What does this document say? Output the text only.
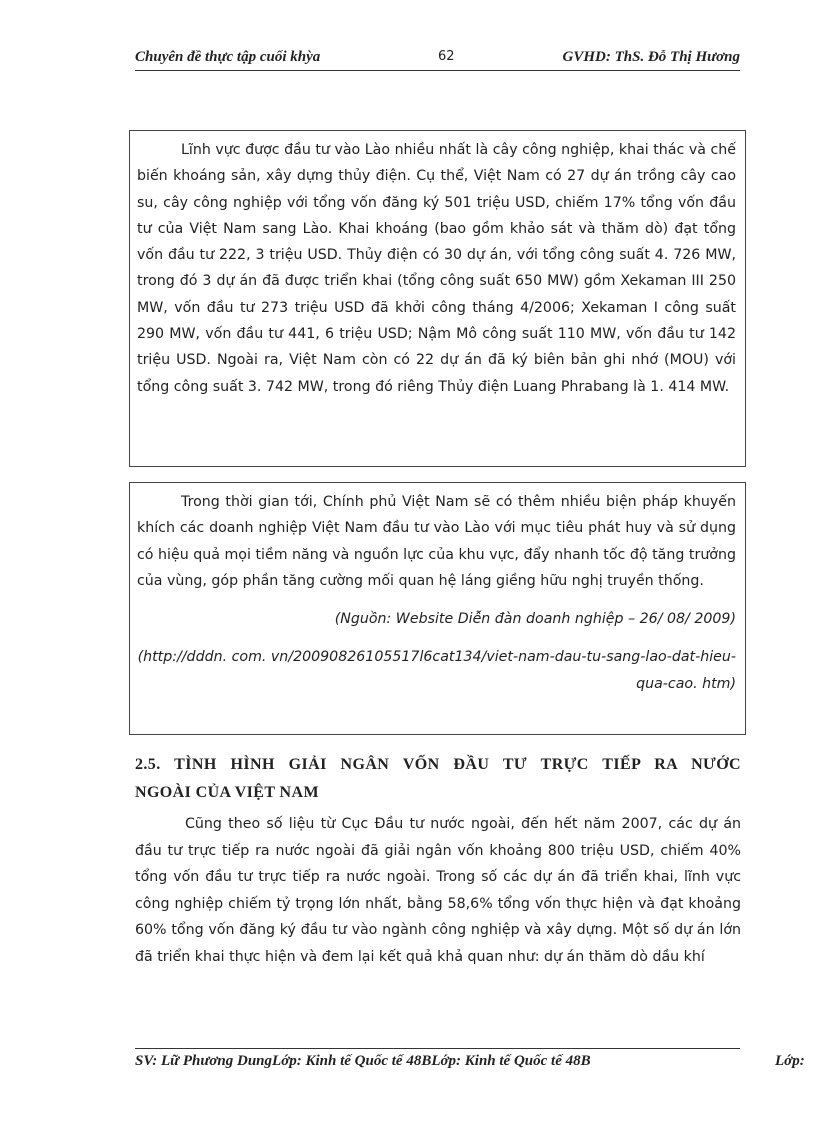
Chuyên đề thực tập cuối khỳa	62	GVHD: ThS. Đỗ Thị Hương

Lĩnh vực được đầu tư vào Lào nhiều nhất là cây công nghiệp, khai thác và chế biến khoáng sản, xây dựng thủy điện. Cụ thể, Việt Nam có 27 dự án trồng cây cao su, cây công nghiệp với tổng vốn đăng ký 501 triệu USD, chiếm 17% tổng vốn đầu tư của Việt Nam sang Lào. Khai khoáng (bao gồm khảo sát và thăm dò) đạt tổng vốn đầu tư 222, 3 triệu USD. Thủy điện có 30 dự án, với tổng công suất 4. 726 MW, trong đó 3 dự án đã được triển khai (tổng công suất 650 MW) gồm Xekaman III 250 MW, vốn đầu tư 273 triệu USD đã khởi công tháng 4/2006; Xekaman I công suất 290 MW, vốn đầu tư 441, 6 triệu USD; Nậm Mô công suất 110 MW, vốn đầu tư 142 triệu USD. Ngoài ra, Việt Nam còn có 22 dự án đã ký biên bản ghi nhớ (MOU) với tổng công suất 3. 742 MW, trong đó riêng Thủy điện Luang Phrabang là 1. 414 MW.

Trong thời gian tới, Chính phủ Việt Nam sẽ có thêm nhiều biện pháp khuyến khích các doanh nghiệp Việt Nam đầu tư vào Lào với mục tiêu phát huy và sử dụng có hiệu quả mọi tiềm năng và nguồn lực của khu vực, đẩy nhanh tốc độ tăng trưởng của vùng, góp phần tăng cường mối quan hệ láng giềng hữu nghị truyền thống.

(Nguồn: Website Diễn đàn doanh nghiệp – 26/ 08/ 2009)

(http://dddn. com. vn/20090826105517l6cat134/viet-nam-dau-tu-sang-lao-dat-hieu-qua-cao. htm)

2.5. TÌNH HÌNH GIẢI NGÂN VỐN ĐẦU TƯ TRỰC TIẾP RA NƯỚC
NGOÀI CỦA VIỆT NAM

Cũng theo số liệu từ Cục Đầu tư nước ngoài, đến hết năm 2007, các dự án đầu tư trực tiếp ra nước ngoài đã giải ngân vốn khoảng 800 triệu USD, chiếm 40% tổng vốn đầu tư trực tiếp ra nước ngoài. Trong số các dự án đã triển khai, lĩnh vực công nghiệp chiếm tỷ trọng lớn nhất, bằng 58,6% tổng vốn thực hiện và đạt khoảng 60% tổng vốn đăng ký đầu tư vào ngành công nghiệp và xây dựng. Một số dự án lớn đã triển khai thực hiện và đem lại kết quả khả quan như: dự án thăm dò dầu khí

SV: Lữ Phương DungLớp: Kinh tế Quốc tế 48BLớp: Kinh tế Quốc tế 48B	Lớp:
